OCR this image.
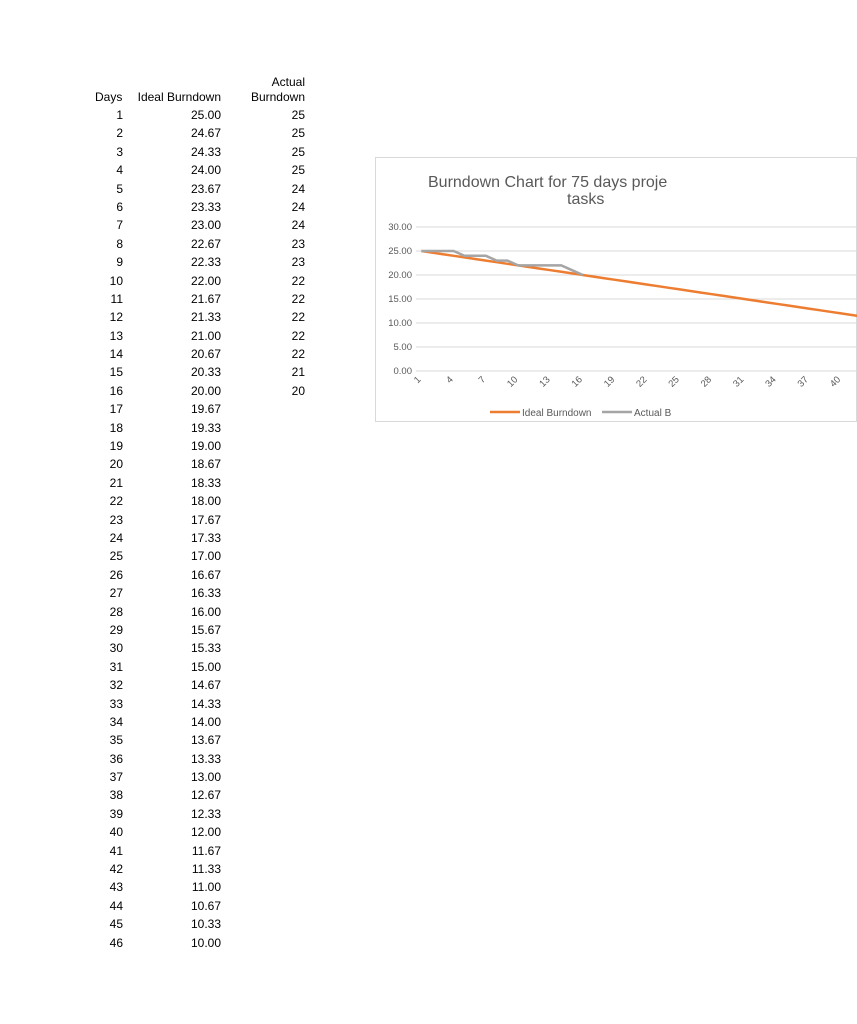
Days	Ideal Burndown
Actual
Burndown
1	25.00	25
2	24.67	25
3	24.33	25
4	24.00	25
5	23.67	24
6	23.33	24
7	23.00	24
8	22.67	23
9	22.33	23
10	22.00	22
11	21.67	22
12	21.33	22
13	21.00	22
14	20.67	22
15	20.33	21
16	20.00	20
17	19.67
18	19.33
19	19.00
20	18.67
21	18.33
22	18.00
23	17.67
24	17.33
25	17.00
26	16.67
27	16.33
28	16.00
29	15.67
30	15.33
31	15.00
32	14.67
33	14.33
34	14.00
35	13.67
36	13.33
37	13.00
38	12.67
39	12.33
40	12.00
41	11.67
42	11.33
43	11.00
44	10.67
45	10.33
46	10.00
Burndown Chart for 75 days proje
tasks
30.00
25.00
20.00
15.00
10.00
5.00
0.00
1 4 7 10 13 16 19 22 25 28 31 34 37 40
Ideal Burndown	Actual B
